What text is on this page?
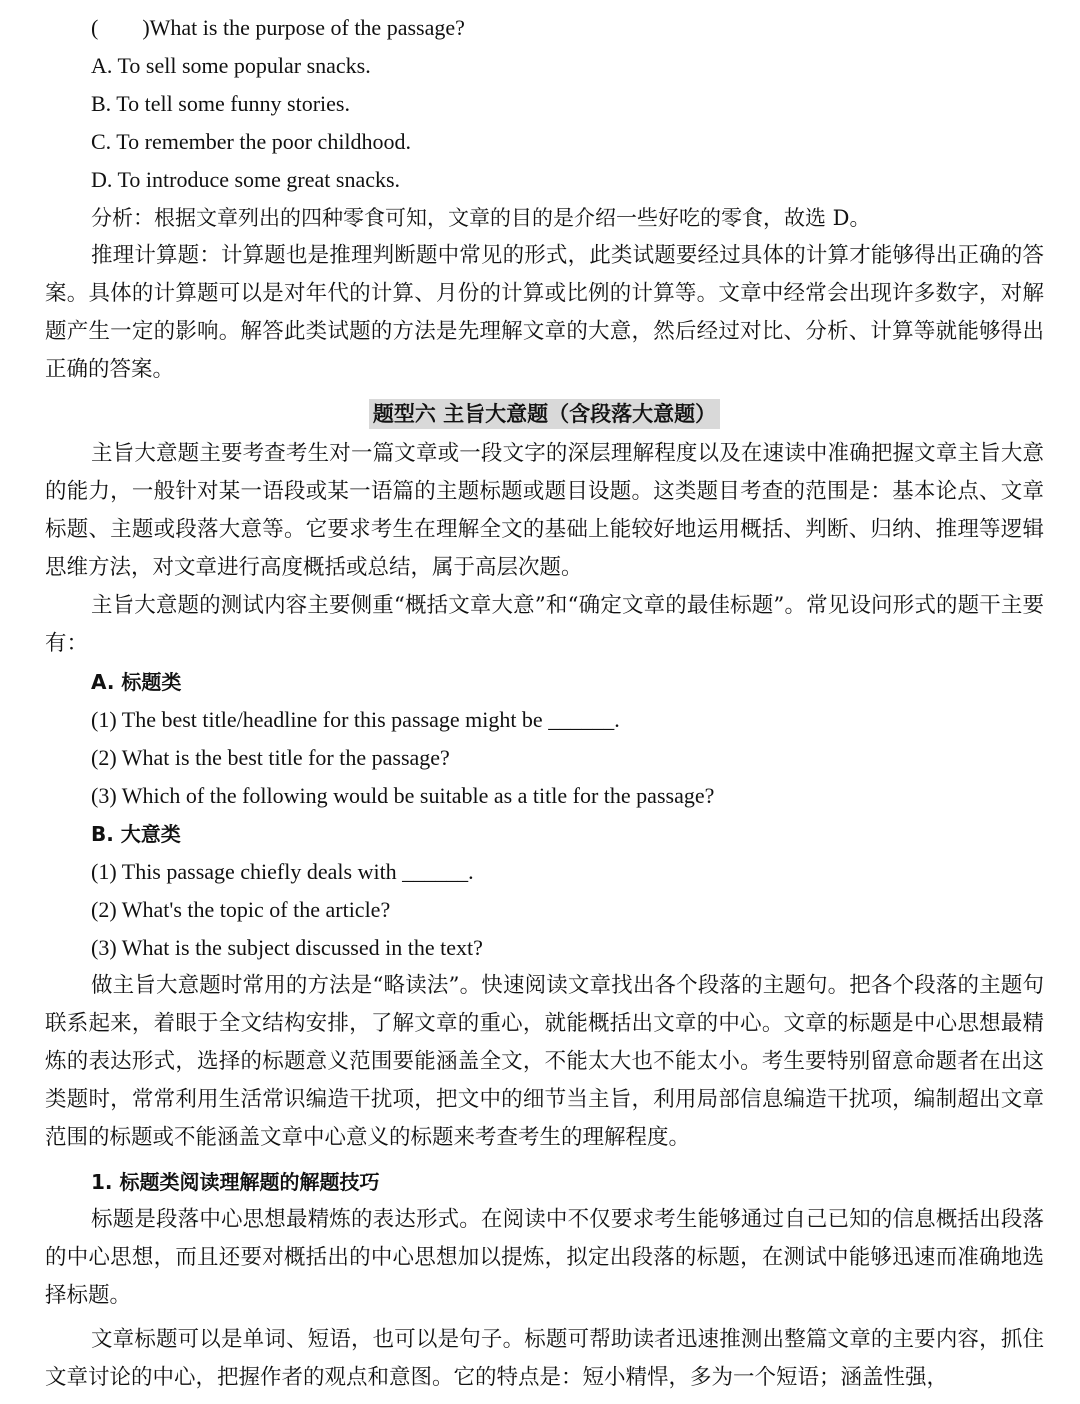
(　　)What is the purpose of the passage?
A. To sell some popular snacks.
B. To tell some funny stories.
C. To remember the poor childhood.
D. To introduce some great snacks.
分析：根据文章列出的四种零食可知，文章的目的是介绍一些好吃的零食，故选 D。

推理计算题：计算题也是推理判断题中常见的形式，此类试题要经过具体的计算才能够得出正确的答案。具体的计算题可以是对年代的计算、月份的计算或比例的计算等。文章中经常会出现许多数字，对解题产生一定的影响。解答此类试题的方法是先理解文章的大意，然后经过对比、分析、计算等就能够得出正确的答案。

题型六 主旨大意题（含段落大意题）

主旨大意题主要考查考生对一篇文章或一段文字的深层理解程度以及在速读中准确把握文章主旨大意的能力，一般针对某一语段或某一语篇的主题标题或题目设题。这类题目考查的范围是：基本论点、文章标题、主题或段落大意等。它要求考生在理解全文的基础上能较好地运用概括、判断、归纳、推理等逻辑思维方法，对文章进行高度概括或总结，属于高层次题。

主旨大意题的测试内容主要侧重“概括文章大意”和“确定文章的最佳标题”。常见设问形式的题干主要有：

A. 标题类
(1) The best title/headline for this passage might be ______.
(2) What is the best title for the passage?
(3) Which of the following would be suitable as a title for the passage?
B. 大意类
(1) This passage chiefly deals with ______.
(2) What's the topic of the article?
(3) What is the subject discussed in the text?

做主旨大意题时常用的方法是“略读法”。快速阅读文章找出各个段落的主题句。把各个段落的主题句联系起来，着眼于全文结构安排，了解文章的重心，就能概括出文章的中心。文章的标题是中心思想最精炼的表达形式，选择的标题意义范围要能涵盖全文，不能太大也不能太小。考生要特别留意命题者在出这类题时，常常利用生活常识编造干扰项，把文中的细节当主旨，利用局部信息编造干扰项，编制超出文章范围的标题或不能涵盖文章中心意义的标题来考查考生的理解程度。

1. 标题类阅读理解题的解题技巧

标题是段落中心思想最精炼的表达形式。在阅读中不仅要求考生能够通过自己已知的信息概括出段落的中心思想，而且还要对概括出的中心思想加以提炼，拟定出段落的标题，在测试中能够迅速而准确地选择标题。

文章标题可以是单词、短语，也可以是句子。标题可帮助读者迅速推测出整篇文章的主要内容，抓住文章讨论的中心，把握作者的观点和意图。它的特点是：短小精悍，多为一个短语；涵盖性强，
